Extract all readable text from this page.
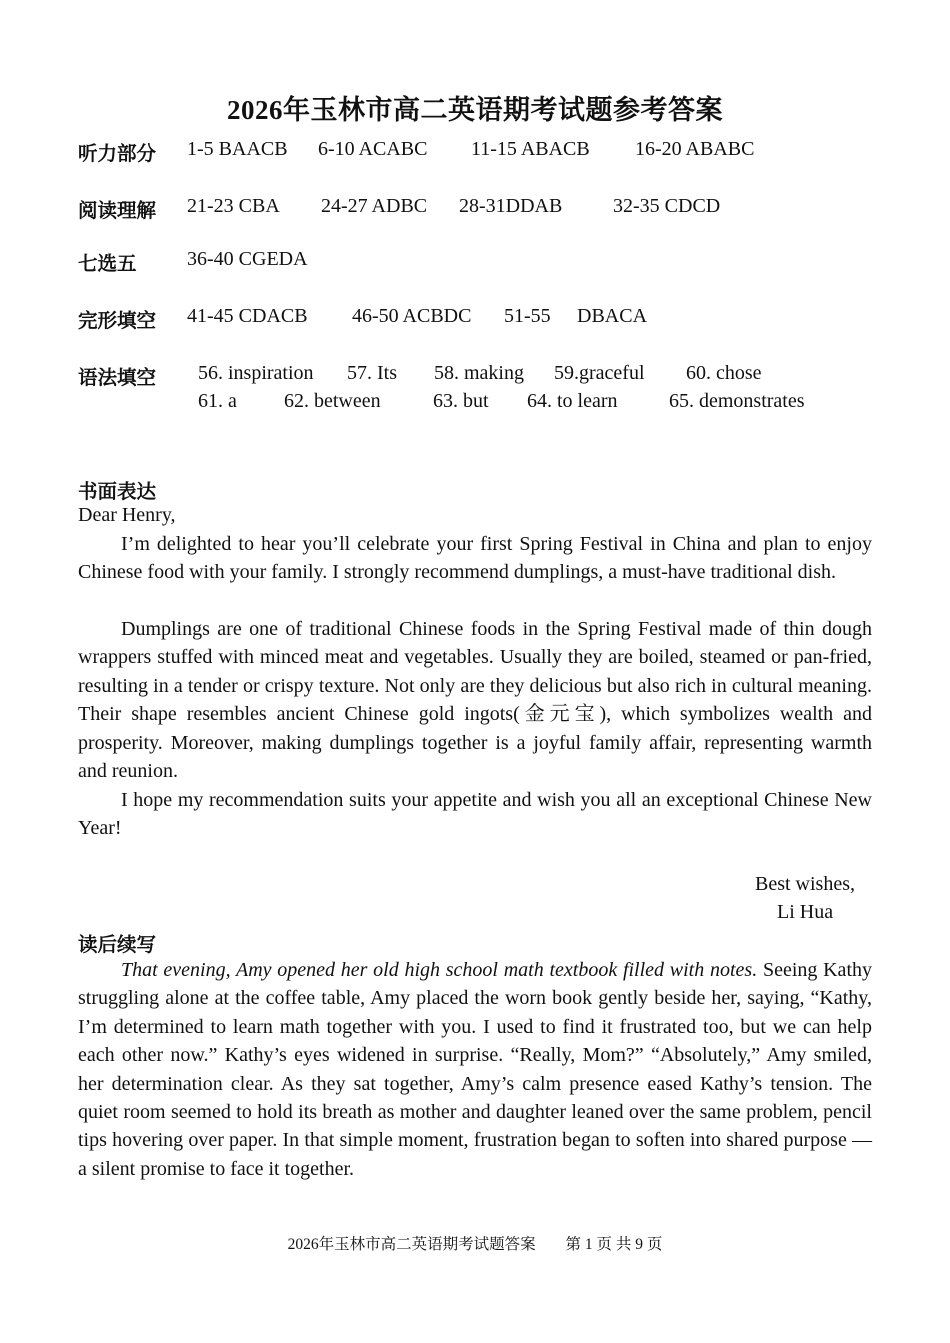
2026年玉林市高二英语期考试题参考答案
听力部分 1-5 BAACB 6-10 ACABC 11-15 ABACB 16-20 ABABC
阅读理解 21-23 CBA 24-27 ADBC 28-31DDAB	32-35 CDCD
七选五	36-40 CGEDA
完形填空 41-45 CDACB 46-50 ACBDC 51-55 DBACA
语法填空 56. inspiration 57. Its 58. making 59.graceful 60. chose
61. a 62. between	63. but 64. to learn	65. demonstrates
书面表达
Dear Henry,
I’m delighted to hear you’ll celebrate your first Spring Festival in China and plan to enjoy Chinese food with your family. I strongly recommend dumplings, a must-have traditional dish.
Dumplings are one of traditional Chinese foods in the Spring Festival made of thin dough wrappers stuffed with minced meat and vegetables. Usually they are boiled, steamed or pan-fried, resulting in a tender or crispy texture. Not only are they delicious but also rich in cultural meaning. Their shape resembles ancient Chinese gold ingots(金元宝), which symbolizes wealth and prosperity. Moreover, making dumplings together is a joyful family affair, representing warmth and reunion.
I hope my recommendation suits your appetite and wish you all an exceptional Chinese New Year!
Best wishes,
Li Hua
读后续写
That evening, Amy opened her old high school math textbook filled with notes. Seeing Kathy struggling alone at the coffee table, Amy placed the worn book gently beside her, saying, “Kathy, I’m determined to learn math together with you. I used to find it frustrated too, but we can help each other now.” Kathy’s eyes widened in surprise. “Really, Mom?” “Absolutely,” Amy smiled, her determination clear. As they sat together, Amy’s calm presence eased Kathy’s tension. The quiet room seemed to hold its breath as mother and daughter leaned over the same problem, pencil tips hovering over paper. In that simple moment, frustration began to soften into shared purpose —a silent promise to face it together.
2026年玉林市高二英语期考试题答案 第 1 页 共 9 页
